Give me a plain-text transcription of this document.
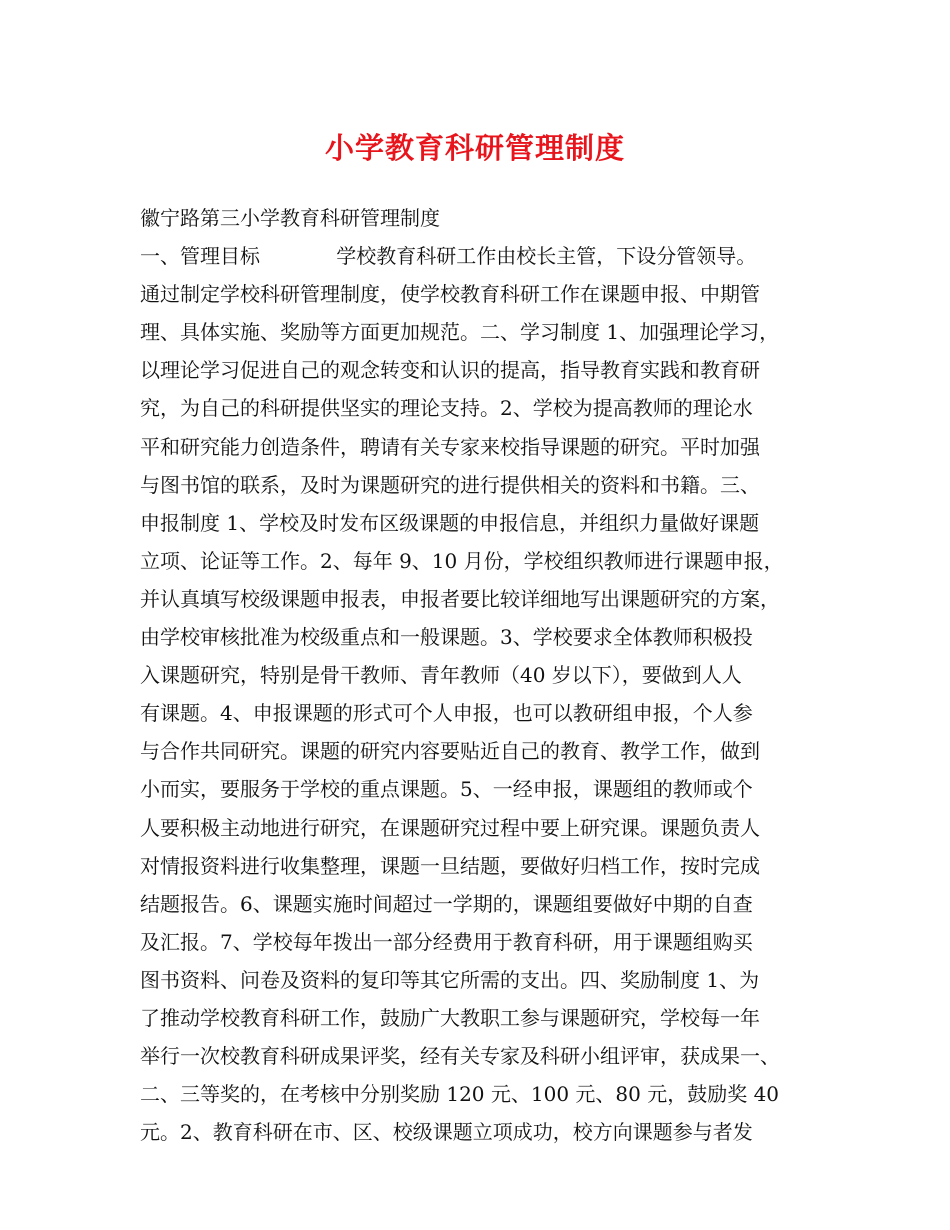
小学教育科研管理制度
徽宁路第三小学教育科研管理制度
一、管理目标            学校教育科研工作由校长主管，下设分管领导。
通过制定学校科研管理制度，使学校教育科研工作在课题申报、中期管
理、具体实施、奖励等方面更加规范。二、学习制度 1、加强理论学习，
以理论学习促进自己的观念转变和认识的提高，指导教育实践和教育研
究，为自己的科研提供坚实的理论支持。2、学校为提高教师的理论水
平和研究能力创造条件，聘请有关专家来校指导课题的研究。平时加强
与图书馆的联系，及时为课题研究的进行提供相关的资料和书籍。三、
申报制度 1、学校及时发布区级课题的申报信息，并组织力量做好课题
立项、论证等工作。2、每年 9、10 月份，学校组织教师进行课题申报，
并认真填写校级课题申报表，申报者要比较详细地写出课题研究的方案，
由学校审核批准为校级重点和一般课题。3、学校要求全体教师积极投
入课题研究，特别是骨干教师、青年教师（40 岁以下），要做到人人
有课题。4、申报课题的形式可个人申报，也可以教研组申报，个人参
与合作共同研究。课题的研究内容要贴近自己的教育、教学工作，做到
小而实，要服务于学校的重点课题。5、一经申报，课题组的教师或个
人要积极主动地进行研究，在课题研究过程中要上研究课。课题负责人
对情报资料进行收集整理，课题一旦结题，要做好归档工作，按时完成
结题报告。6、课题实施时间超过一学期的，课题组要做好中期的自查
及汇报。7、学校每年拨出一部分经费用于教育科研，用于课题组购买
图书资料、问卷及资料的复印等其它所需的支出。四、奖励制度 1、为
了推动学校教育科研工作，鼓励广大教职工参与课题研究，学校每一年
举行一次校教育科研成果评奖，经有关专家及科研小组评审，获成果一、
二、三等奖的，在考核中分别奖励 120 元、100 元、80 元，鼓励奖 40
元。2、教育科研在市、区、校级课题立项成功，校方向课题参与者发
